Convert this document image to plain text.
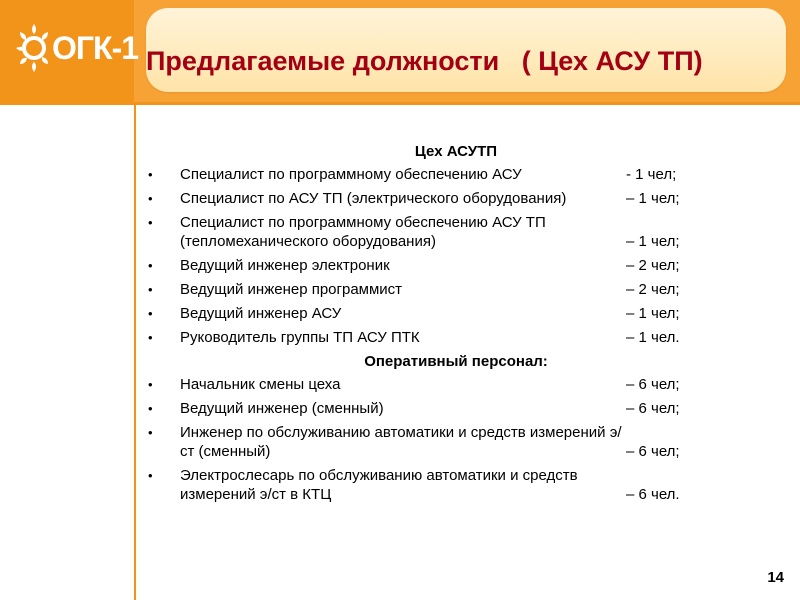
ОГК-1 Предлагаемые должности   ( Цех АСУ ТП)
Цех АСУТП
• Специалист по программному обеспечению АСУ	- 1 чел;
• Специалист по АСУ ТП (электрического оборудования)	– 1 чел;
• Специалист по программному обеспечению АСУ ТП (тепломеханического оборудования)	– 1 чел;
• Ведущий инженер электроник	– 2 чел;
• Ведущий инженер программист	– 2 чел;
• Ведущий инженер АСУ	– 1 чел;
• Руководитель группы ТП АСУ ПТК	– 1 чел.
Оперативный персонал:
• Начальник смены цеха	– 6 чел;
• Ведущий инженер (сменный)	– 6 чел;
• Инженер по обслуживанию автоматики и средств измерений э/ст (сменный)	– 6 чел;
• Электрослесарь по обслуживанию автоматики и средств измерений э/ст в КТЦ	– 6 чел.
14
